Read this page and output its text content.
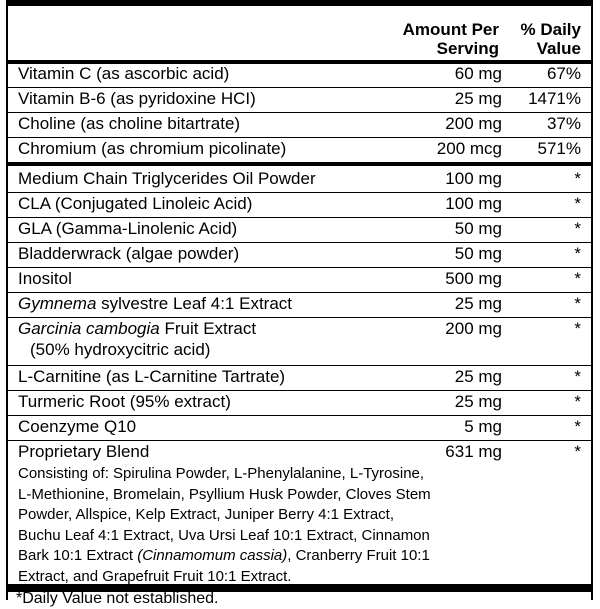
Amount Per
Serving
% Daily
Value
Vitamin C (as ascorbic acid)	60 mg	67%
Vitamin B-6 (as pyridoxine HCI)	25 mg 1471%
Choline (as choline bitartrate)	200 mg	37%
Chromium (as chromium picolinate)	200 mcg 571%
Medium Chain Triglycerides Oil Powder	100 mg	*
CLA (Conjugated Linoleic Acid)	100 mg	*
GLA (Gamma-Linolenic Acid)	50 mg	*
Bladderwrack (algae powder)	50 mg	*
Inositol	500 mg	*
Gymnema sylvestre Leaf 4:1 Extract	25 mg	*
Garcinia cambogia Fruit Extract	200 mg	*
(50% hydroxycitric acid)
L-Carnitine (as L-Carnitine Tartrate)	25 mg	*
Turmeric Root (95% extract)	25 mg	*
Coenzyme Q10	5 mg	*
Proprietary Blend	631 mg	*
Consisting of: Spirulina Powder, L-Phenylalanine, L-Tyrosine,
L-Methionine, Bromelain, Psyllium Husk Powder, Cloves Stem
Powder, Allspice, Kelp Extract, Juniper Berry 4:1 Extract,
Buchu Leaf 4:1 Extract, Uva Ursi Leaf 10:1 Extract, Cinnamon
Bark 10:1 Extract (Cinnamomum cassia), Cranberry Fruit 10:1
Extract, and Grapefruit Fruit 10:1 Extract.
*Daily Value not established.
